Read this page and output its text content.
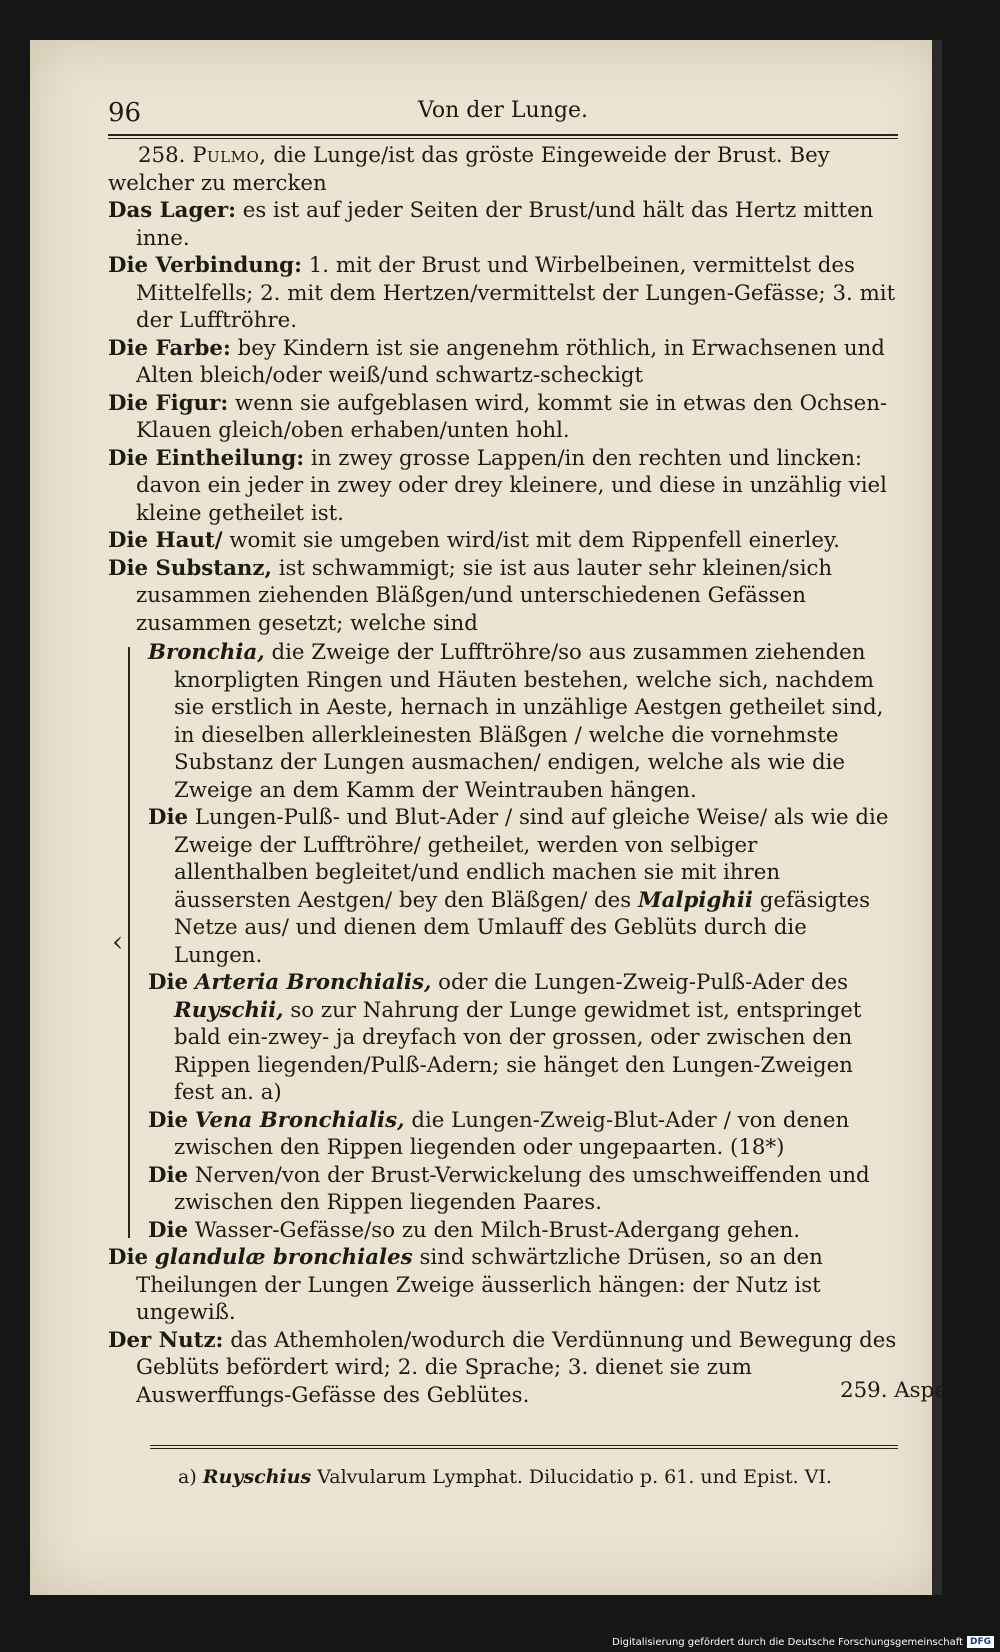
96	Von der Lunge.

258. Pulmo, die Lunge/ist das gröste Eingeweide der Brust. Bey welcher zu mercken

Das Lager: es ist auf jeder Seiten der Brust/und hält das Hertz mitten inne.

Die Verbindung: 1. mit der Brust und Wirbelbeinen, vermittelst des Mittelfells; 2. mit dem Hertzen/vermittelst der Lungen-Gefässe; 3. mit der Lufftröhre.

Die Farbe: bey Kindern ist sie angenehm röthlich, in Erwachsenen und Alten bleich/oder weiß/und schwartz-scheckigt

Die Figur: wenn sie aufgeblasen wird, kommt sie in etwas den Ochsen-Klauen gleich/oben erhaben/unten hohl.

Die Eintheilung: in zwey grosse Lappen/in den rechten und lincken: davon ein jeder in zwey oder drey kleinere, und diese in unzählig viel kleine getheilet ist.

Die Haut/ womit sie umgeben wird/ist mit dem Rippenfell einerley.

Die Substanz, ist schwammigt; sie ist aus lauter sehr kleinen/sich zusammen ziehenden Bläßgen/und unterschiedenen Gefässen zusammen gesetzt; welche sind

‹

Bronchia, die Zweige der Lufftröhre/so aus zusammen ziehenden knorpligten Ringen und Häuten bestehen, welche sich, nachdem sie erstlich in Aeste, hernach in unzählige Aestgen getheilet sind, in dieselben allerkleinesten Bläßgen / welche die vornehmste Substanz der Lungen ausmachen/ endigen, welche als wie die Zweige an dem Kamm der Weintrauben hängen.

Die Lungen-Pulß- und Blut-Ader / sind auf gleiche Weise/ als wie die Zweige der Lufftröhre/ getheilet, werden von selbiger allenthalben begleitet/und endlich machen sie mit ihren äussersten Aestgen/ bey den Bläßgen/ des Malpighii gefäsigtes Netze aus/ und dienen dem Umlauff des Geblüts durch die Lungen.

Die Arteria Bronchialis, oder die Lungen-Zweig-Pulß-Ader des Ruyschii, so zur Nahrung der Lunge gewidmet ist, entspringet bald ein-zwey- ja dreyfach von der grossen, oder zwischen den Rippen liegenden/Pulß-Adern; sie hänget den Lungen-Zweigen fest an. a)

Die Vena Bronchialis, die Lungen-Zweig-Blut-Ader / von denen zwischen den Rippen liegenden oder ungepaarten. (18*)

Die Nerven/von der Brust-Verwickelung des umschweiffenden und zwischen den Rippen liegenden Paares.

Die Wasser-Gefässe/so zu den Milch-Brust-Adergang gehen.

Die glandulæ bronchiales sind schwärtzliche Drüsen, so an den Theilungen der Lungen Zweige äusserlich hängen: der Nutz ist ungewiß.

Der Nutz: das Athemholen/wodurch die Verdünnung und Bewegung des Geblüts befördert wird; 2. die Sprache; 3. dienet sie zum Auswerffungs-Gefässe des Geblütes.	259. Aspe-
a) Ruyschius Valvularum Lymphat. Dilucidatio p. 61. und Epist. VI.
Digitalisierung gefördert durch die Deutsche Forschungsgemeinschaft DFG
